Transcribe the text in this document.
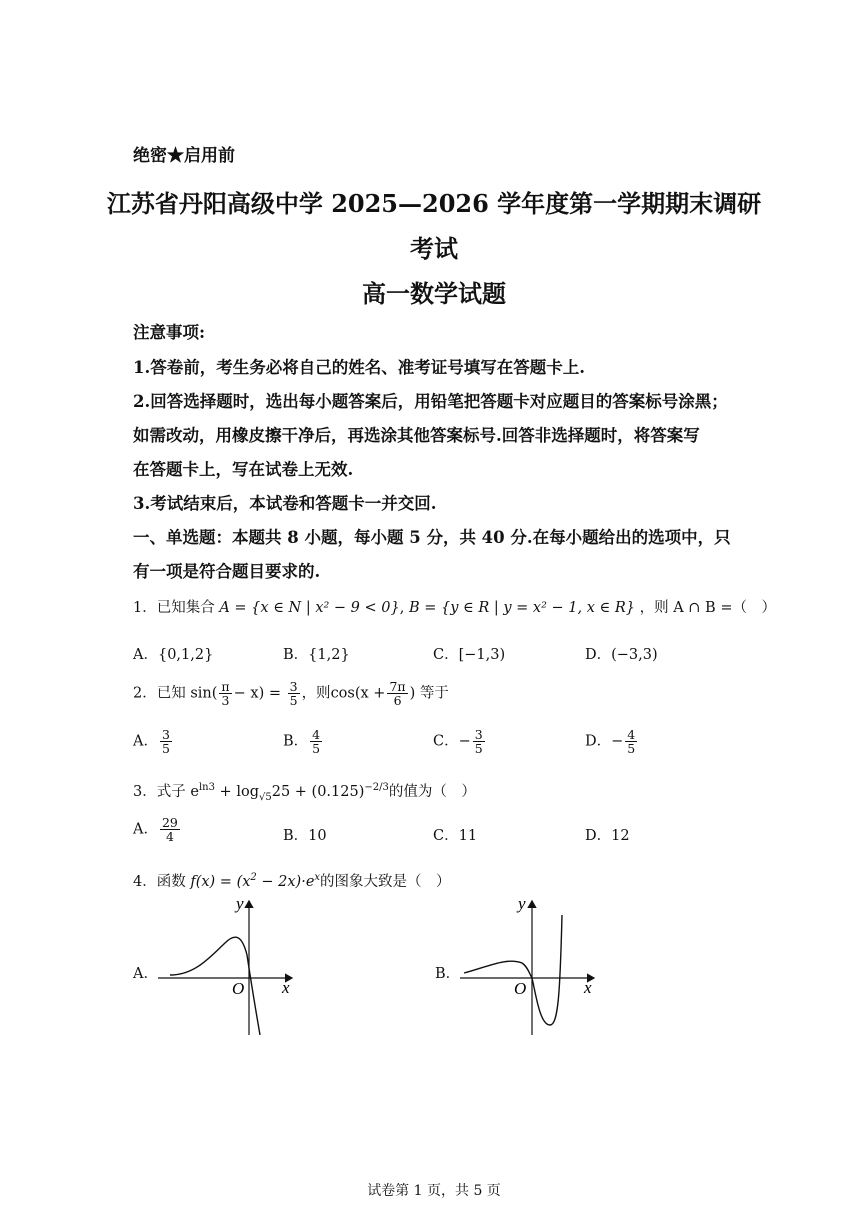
绝密★启用前
江苏省丹阳高级中学 2025—2026 学年度第一学期期末调研
考试
高一数学试题
注意事项:
1.答卷前，考生务必将自己的姓名、准考证号填写在答题卡上.
2.回答选择题时，选出每小题答案后，用铅笔把答题卡对应题目的答案标号涂黑；
如需改动，用橡皮擦干净后，再选涂其他答案标号.回答非选择题时，将答案写
在答题卡上，写在试卷上无效.
3.考试结束后，本试卷和答题卡一并交回.
一、单选题：本题共 8 小题，每小题 5 分，共 40 分.在每小题给出的选项中，只
有一项是符合题目要求的.
1．已知集合 A = {x ∈ N | x² − 9 < 0}, B = {y ∈ R | y = x² − 1, x ∈ R} ，则 A ∩ B =（　）
A．{0,1,2}	B．{1,2}	C．[−1,3)	D．(−3,3)
2．已知 $\sin( \frac{\pi}{3} - x) = \frac{3}{5}$ ，则$\cos(x + \frac{7\pi}{6}$ ) 等于
A． $\frac{3}{5}$	B． $\frac{4}{5}$	C．− $\frac{3}{5}$	D．− $\frac{4}{5}$
3．式子 $e^{ln3} + \log_{√5}25 + (0.125)^{-2/3}$的值为（　）
A． $\frac{29}{4}$	B．10	C．11	D．12
4．函数 $f(x) = (x^2 - 2x)\cdot e^x$的图象大致是（　）
A．
y
x
O
B．
y
x
O
试卷第 1 页，共 5 页
